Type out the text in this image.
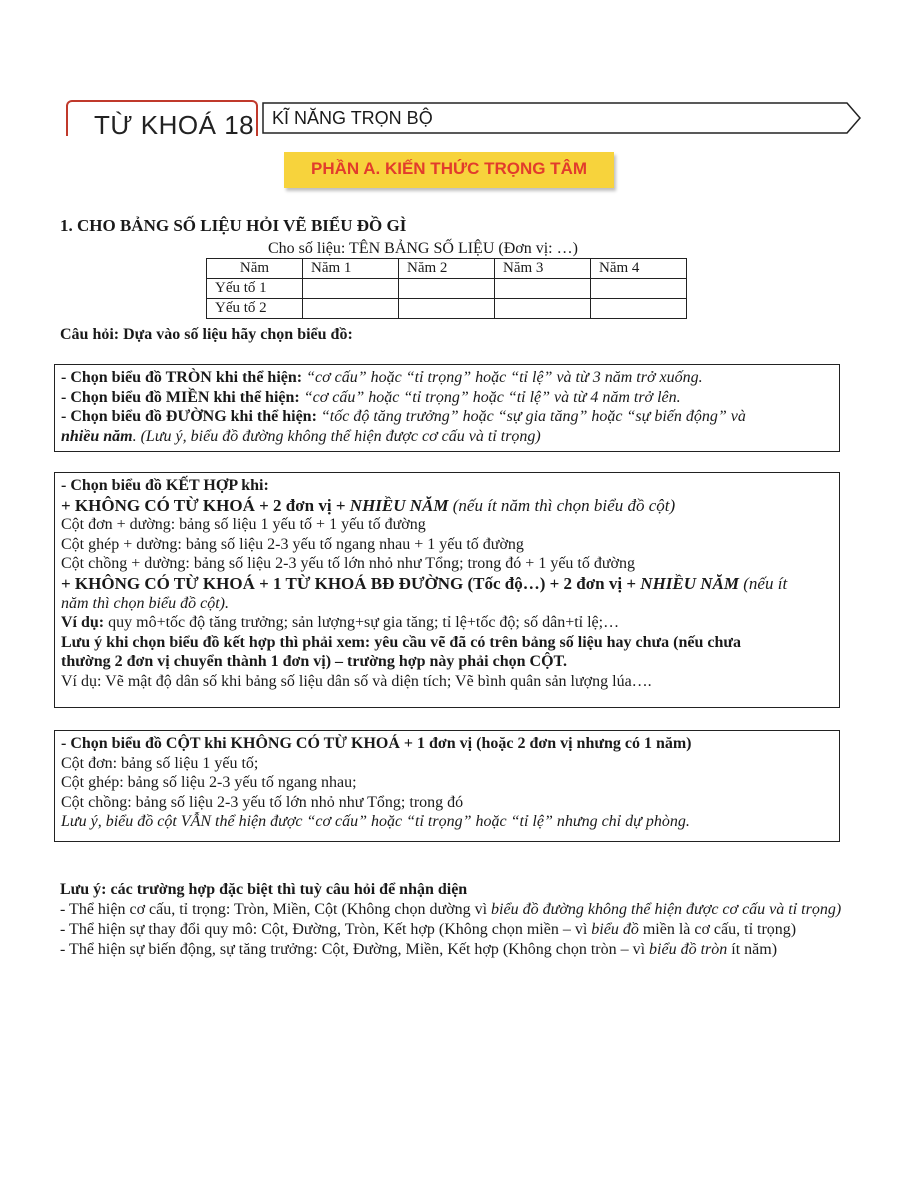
TỪ KHOÁ 18 KĨ NĂNG TRỌN BỘ
PHẦN A. KIẾN THỨC TRỌNG TÂM
1. CHO BẢNG SỐ LIỆU HỎI VẼ BIỂU ĐỒ GÌ
Cho số liệu: TÊN BẢNG SỐ LIỆU (Đơn vị: …)
Năm	Năm 1	Năm 2	Năm 3	Năm 4
Yếu tố 1				
Yếu tố 2				
Câu hỏi: Dựa vào số liệu hãy chọn biểu đồ:
- Chọn biểu đồ TRÒN khi thể hiện: “cơ cấu” hoặc “tỉ trọng” hoặc “tỉ lệ” và từ 3 năm trở xuống.
- Chọn biểu đồ MIỀN khi thể hiện: “cơ cấu” hoặc “tỉ trọng” hoặc “tỉ lệ” và từ 4 năm trở lên.
- Chọn biểu đồ ĐƯỜNG khi thể hiện: “tốc độ tăng trưởng” hoặc “sự gia tăng” hoặc “sự biến động” và
nhiều năm. (Lưu ý, biểu đồ đường không thể hiện được cơ cấu và tỉ trọng)
- Chọn biểu đồ KẾT HỢP khi:
+ KHÔNG CÓ TỪ KHOÁ + 2 đơn vị + NHIỀU NĂM (nếu ít năm thì chọn biểu đồ cột)
Cột đơn + dường: bảng số liệu 1 yếu tố + 1 yếu tố đường
Cột ghép + dường: bảng số liệu 2-3 yếu tố ngang nhau + 1 yếu tố đường
Cột chồng + dường: bảng số liệu 2-3 yếu tố lớn nhỏ như Tổng; trong đó + 1 yếu tố đường
+ KHÔNG CÓ TỪ KHOÁ + 1 TỪ KHOÁ BĐ ĐƯỜNG (Tốc độ…) + 2 đơn vị + NHIỀU NĂM (nếu ít
năm thì chọn biểu đồ cột).
Ví dụ: quy mô+tốc độ tăng trưởng; sản lượng+sự gia tăng; tỉ lệ+tốc độ; số dân+tỉ lệ;…
Lưu ý khi chọn biểu đồ kết hợp thì phải xem: yêu cầu vẽ đã có trên bảng số liệu hay chưa (nếu chưa
thường 2 đơn vị chuyển thành 1 đơn vị) – trường hợp này phải chọn CỘT.
Ví dụ: Vẽ mật độ dân số khi bảng số liệu dân số và diện tích; Vẽ bình quân sản lượng lúa….
- Chọn biểu đồ CỘT khi KHÔNG CÓ TỪ KHOÁ + 1 đơn vị (hoặc 2 đơn vị nhưng có 1 năm)
Cột đơn: bảng số liệu 1 yếu tố;
Cột ghép: bảng số liệu 2-3 yếu tố ngang nhau;
Cột chồng: bảng số liệu 2-3 yếu tố lớn nhỏ như Tổng; trong đó
Lưu ý, biểu đồ cột VẪN thể hiện được “cơ cấu” hoặc “tỉ trọng” hoặc “tỉ lệ” nhưng chỉ dự phòng.
Lưu ý: các trường hợp đặc biệt thì tuỳ câu hỏi để nhận diện
- Thể hiện cơ cấu, tỉ trọng: Tròn, Miền, Cột (Không chọn dường vì biểu đồ đường không thể hiện được cơ cấu và tỉ trọng)
- Thể hiện sự thay đổi quy mô: Cột, Đường, Tròn, Kết hợp (Không chọn miền – vì biểu đồ miền là cơ cấu, tỉ trọng)
- Thể hiện sự biến động, sự tăng trưởng: Cột, Đường, Miền, Kết hợp (Không chọn tròn – vì biểu đồ tròn ít năm)
